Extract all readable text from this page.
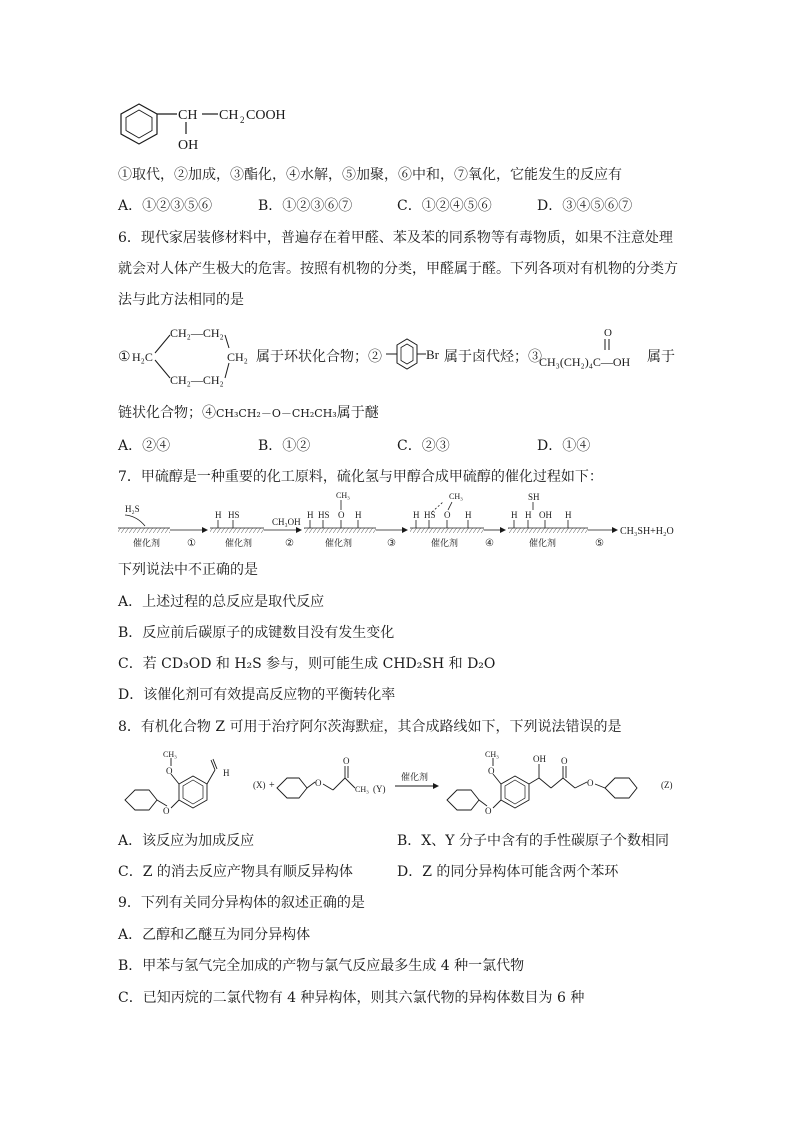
CH CH 2 COOH
OH
①取代，②加成，③酯化，④水解，⑤加聚，⑥中和，⑦氧化，它能发生的反应有
A．①②③⑤⑥	B．①②③⑥⑦	C．①②④⑤⑥	D．③④⑤⑥⑦
6．现代家居装修材料中，普遍存在着甲醛、苯及苯的同系物等有毒物质，如果不注意处理
就会对人体产生极大的危害。按照有机物的分类，甲醛属于醛。下列各项对有机物的分类方
法与此方法相同的是
①
CH₂—CH₂
H₂C	CH₂
CH₂—CH₂
属于环状化合物；②	Br 属于卤代烃；③
O
CH₃(CH₂)₄C—OH 属于
链状化合物；④CH₃CH₂－O－CH₂CH₃属于醚
A．②④	B．①②	C．②③	D．①④
7．甲硫醇是一种重要的化工原料，硫化氢与甲醇合成甲硫醇的催化过程如下：
H₂S
催化剂	①
H HS
催化剂
CH₃OH
②
H HS O
CH₃
H
催化剂	③
H HS O
CH₃
H
催化剂	④
H
SH
H OH H
催化剂	⑤
CH₃SH+H₂O
下列说法中不正确的是
A．上述过程的总反应是取代反应
B．反应前后碳原子的成键数目没有发生变化
C．若 CD₃OD 和 H₂S 参与，则可能生成 CHD₂SH 和 D₂O
D．该催化剂可有效提高反应物的平衡转化率
8．有机化合物 Z 可用于治疗阿尔茨海默症，其合成路线如下，下列说法错误的是
O
O
CH₃
H
(X) +	O
O
CH₃ (Y)
催化剂
O
O
CH₃	OH O
O	(Z)
A．该反应为加成反应	B．X、Y 分子中含有的手性碳原子个数相同
C．Z 的消去反应产物具有顺反异构体	D．Z 的同分异构体可能含两个苯环
9．下列有关同分异构体的叙述正确的是
A．乙醇和乙醚互为同分异构体
B．甲苯与氢气完全加成的产物与氯气反应最多生成 4 种一氯代物
C．已知丙烷的二氯代物有 4 种异构体，则其六氯代物的异构体数目为 6 种
